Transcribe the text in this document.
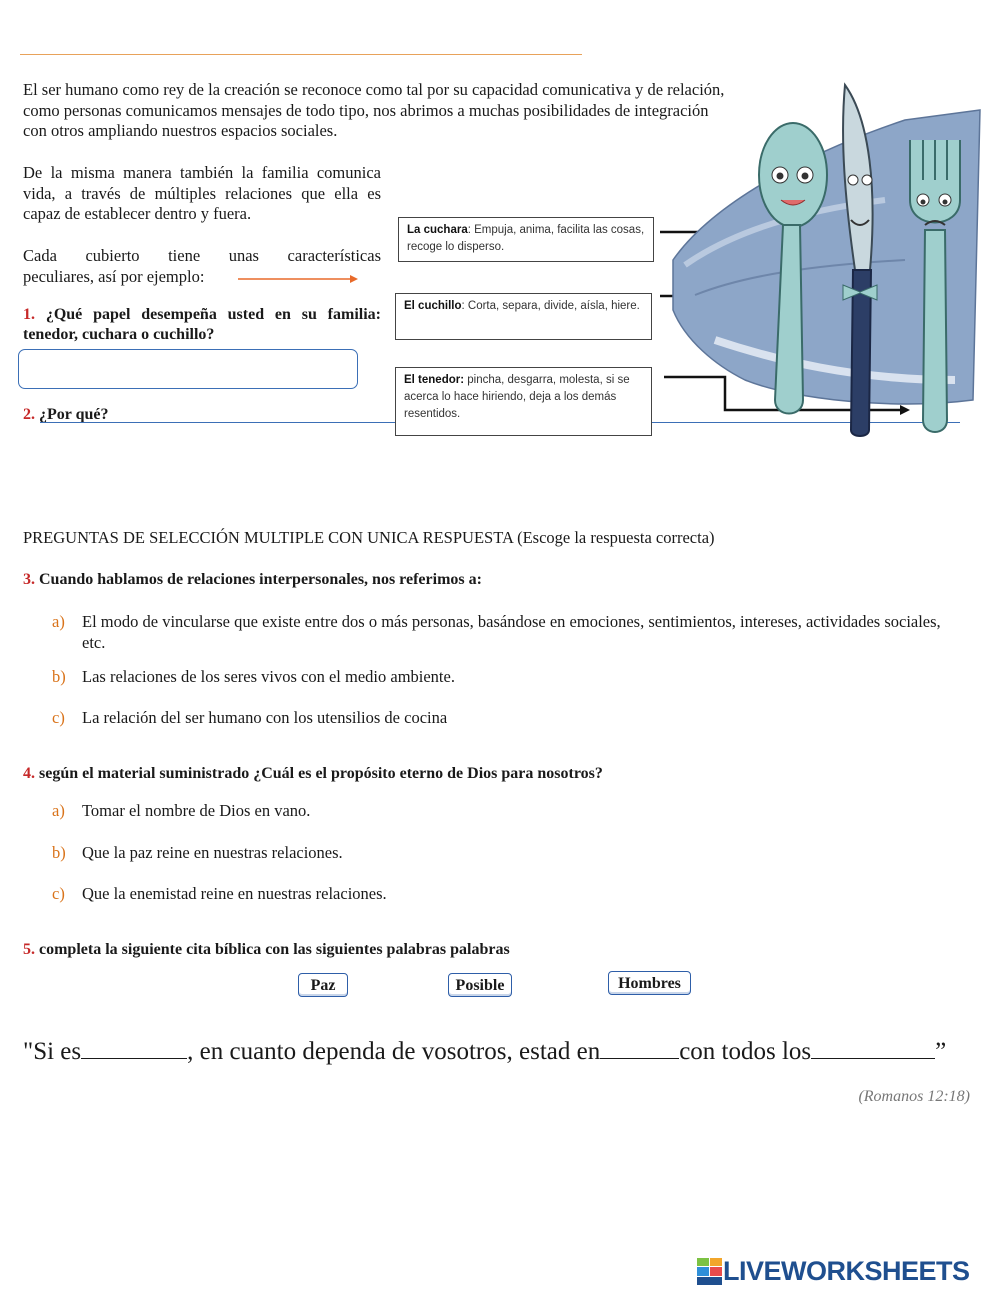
El ser humano como rey de la creación se reconoce como tal por su capacidad comunicativa y de relación,
como personas comunicamos mensajes de todo tipo, nos abrimos a muchas posibilidades de integración
con otros ampliando nuestros espacios sociales.
De la misma manera también la familia comunica
vida, a través de múltiples relaciones que ella es
capaz de establecer dentro y fuera.
Cada cubierto tiene unas características
peculiares, así por ejemplo:
1. ¿Qué papel desempeña usted en su familia:
tenedor, cuchara o cuchillo?
2. ¿Por qué?
La cuchara: Empuja, anima, facilita las cosas, recoge lo disperso.
El cuchillo: Corta, separa, divide, aísla, hiere.
El tenedor: pincha, desgarra, molesta, si se acerca lo hace hiriendo, deja a los demás resentidos.
PREGUNTAS DE SELECCIÓN MULTIPLE CON UNICA RESPUESTA (Escoge la respuesta correcta)
3. Cuando hablamos de relaciones interpersonales, nos referimos a:
a)	El modo de vincularse que existe entre dos o más personas, basándose en emociones, sentimientos, intereses, actividades sociales, etc.
b) Las relaciones de los seres vivos con el medio ambiente.
c)	La relación del ser humano con los utensilios de cocina
4. según el material suministrado ¿Cuál es el propósito eterno de Dios para nosotros?
a)	Tomar el nombre de Dios en vano.
b) Que la paz reine en nuestras relaciones.
c)	Que la enemistad reine en nuestras relaciones.
5. completa la siguiente cita bíblica con las siguientes palabras palabras
Paz	Posible	Hombres
"Si es	, en cuanto dependa de vosotros, estad en	con todos los	”
(Romanos 12:18)
LIVEWORKSHEETS
